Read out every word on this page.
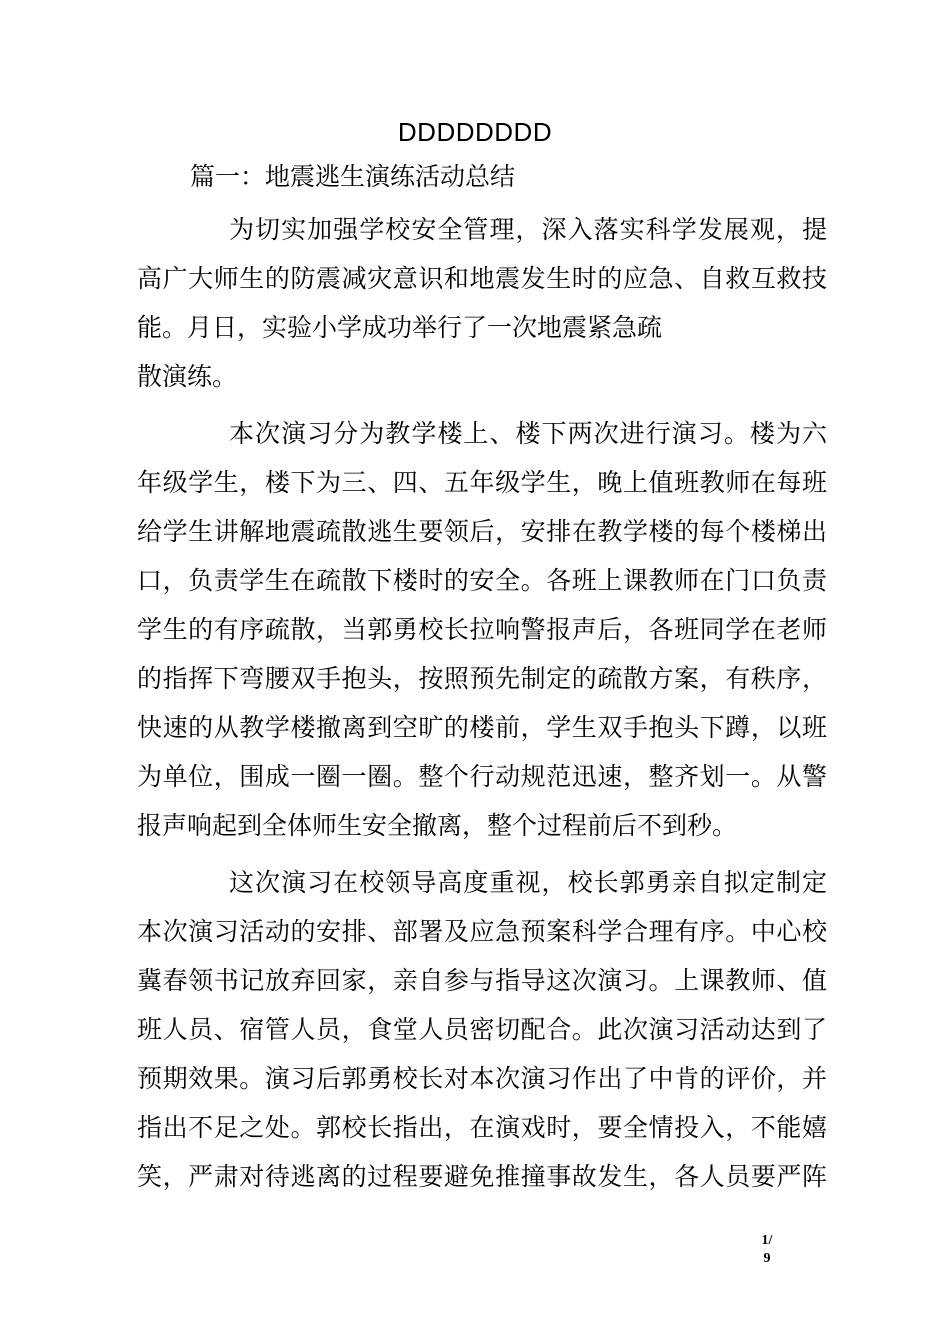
DDDDDDDD
篇一：地震逃生演练活动总结
为切实加强学校安全管理，深入落实科学发展观，提
高广大师生的防震减灾意识和地震发生时的应急、自救互救技
能。月日，实验小学成功举行了一次地震紧急疏
散演练。
本次演习分为教学楼上、楼下两次进行演习。楼为六
年级学生，楼下为三、四、五年级学生，晚上值班教师在每班
给学生讲解地震疏散逃生要领后，安排在教学楼的每个楼梯出
口，负责学生在疏散下楼时的安全。各班上课教师在门口负责
学生的有序疏散，当郭勇校长拉响警报声后，各班同学在老师
的指挥下弯腰双手抱头，按照预先制定的疏散方案，有秩序，
快速的从教学楼撤离到空旷的楼前，学生双手抱头下蹲，以班
为单位，围成一圈一圈。整个行动规范迅速，整齐划一。从警
报声响起到全体师生安全撤离，整个过程前后不到秒。
这次演习在校领导高度重视，校长郭勇亲自拟定制定
本次演习活动的安排、部署及应急预案科学合理有序。中心校
冀春领书记放弃回家，亲自参与指导这次演习。上课教师、值
班人员、宿管人员，食堂人员密切配合。此次演习活动达到了
预期效果。演习后郭勇校长对本次演习作出了中肯的评价，并
指出不足之处。郭校长指出，在演戏时，要全情投入，不能嬉
笑，严肃对待逃离的过程要避免推撞事故发生，各人员要严阵
1/
9
